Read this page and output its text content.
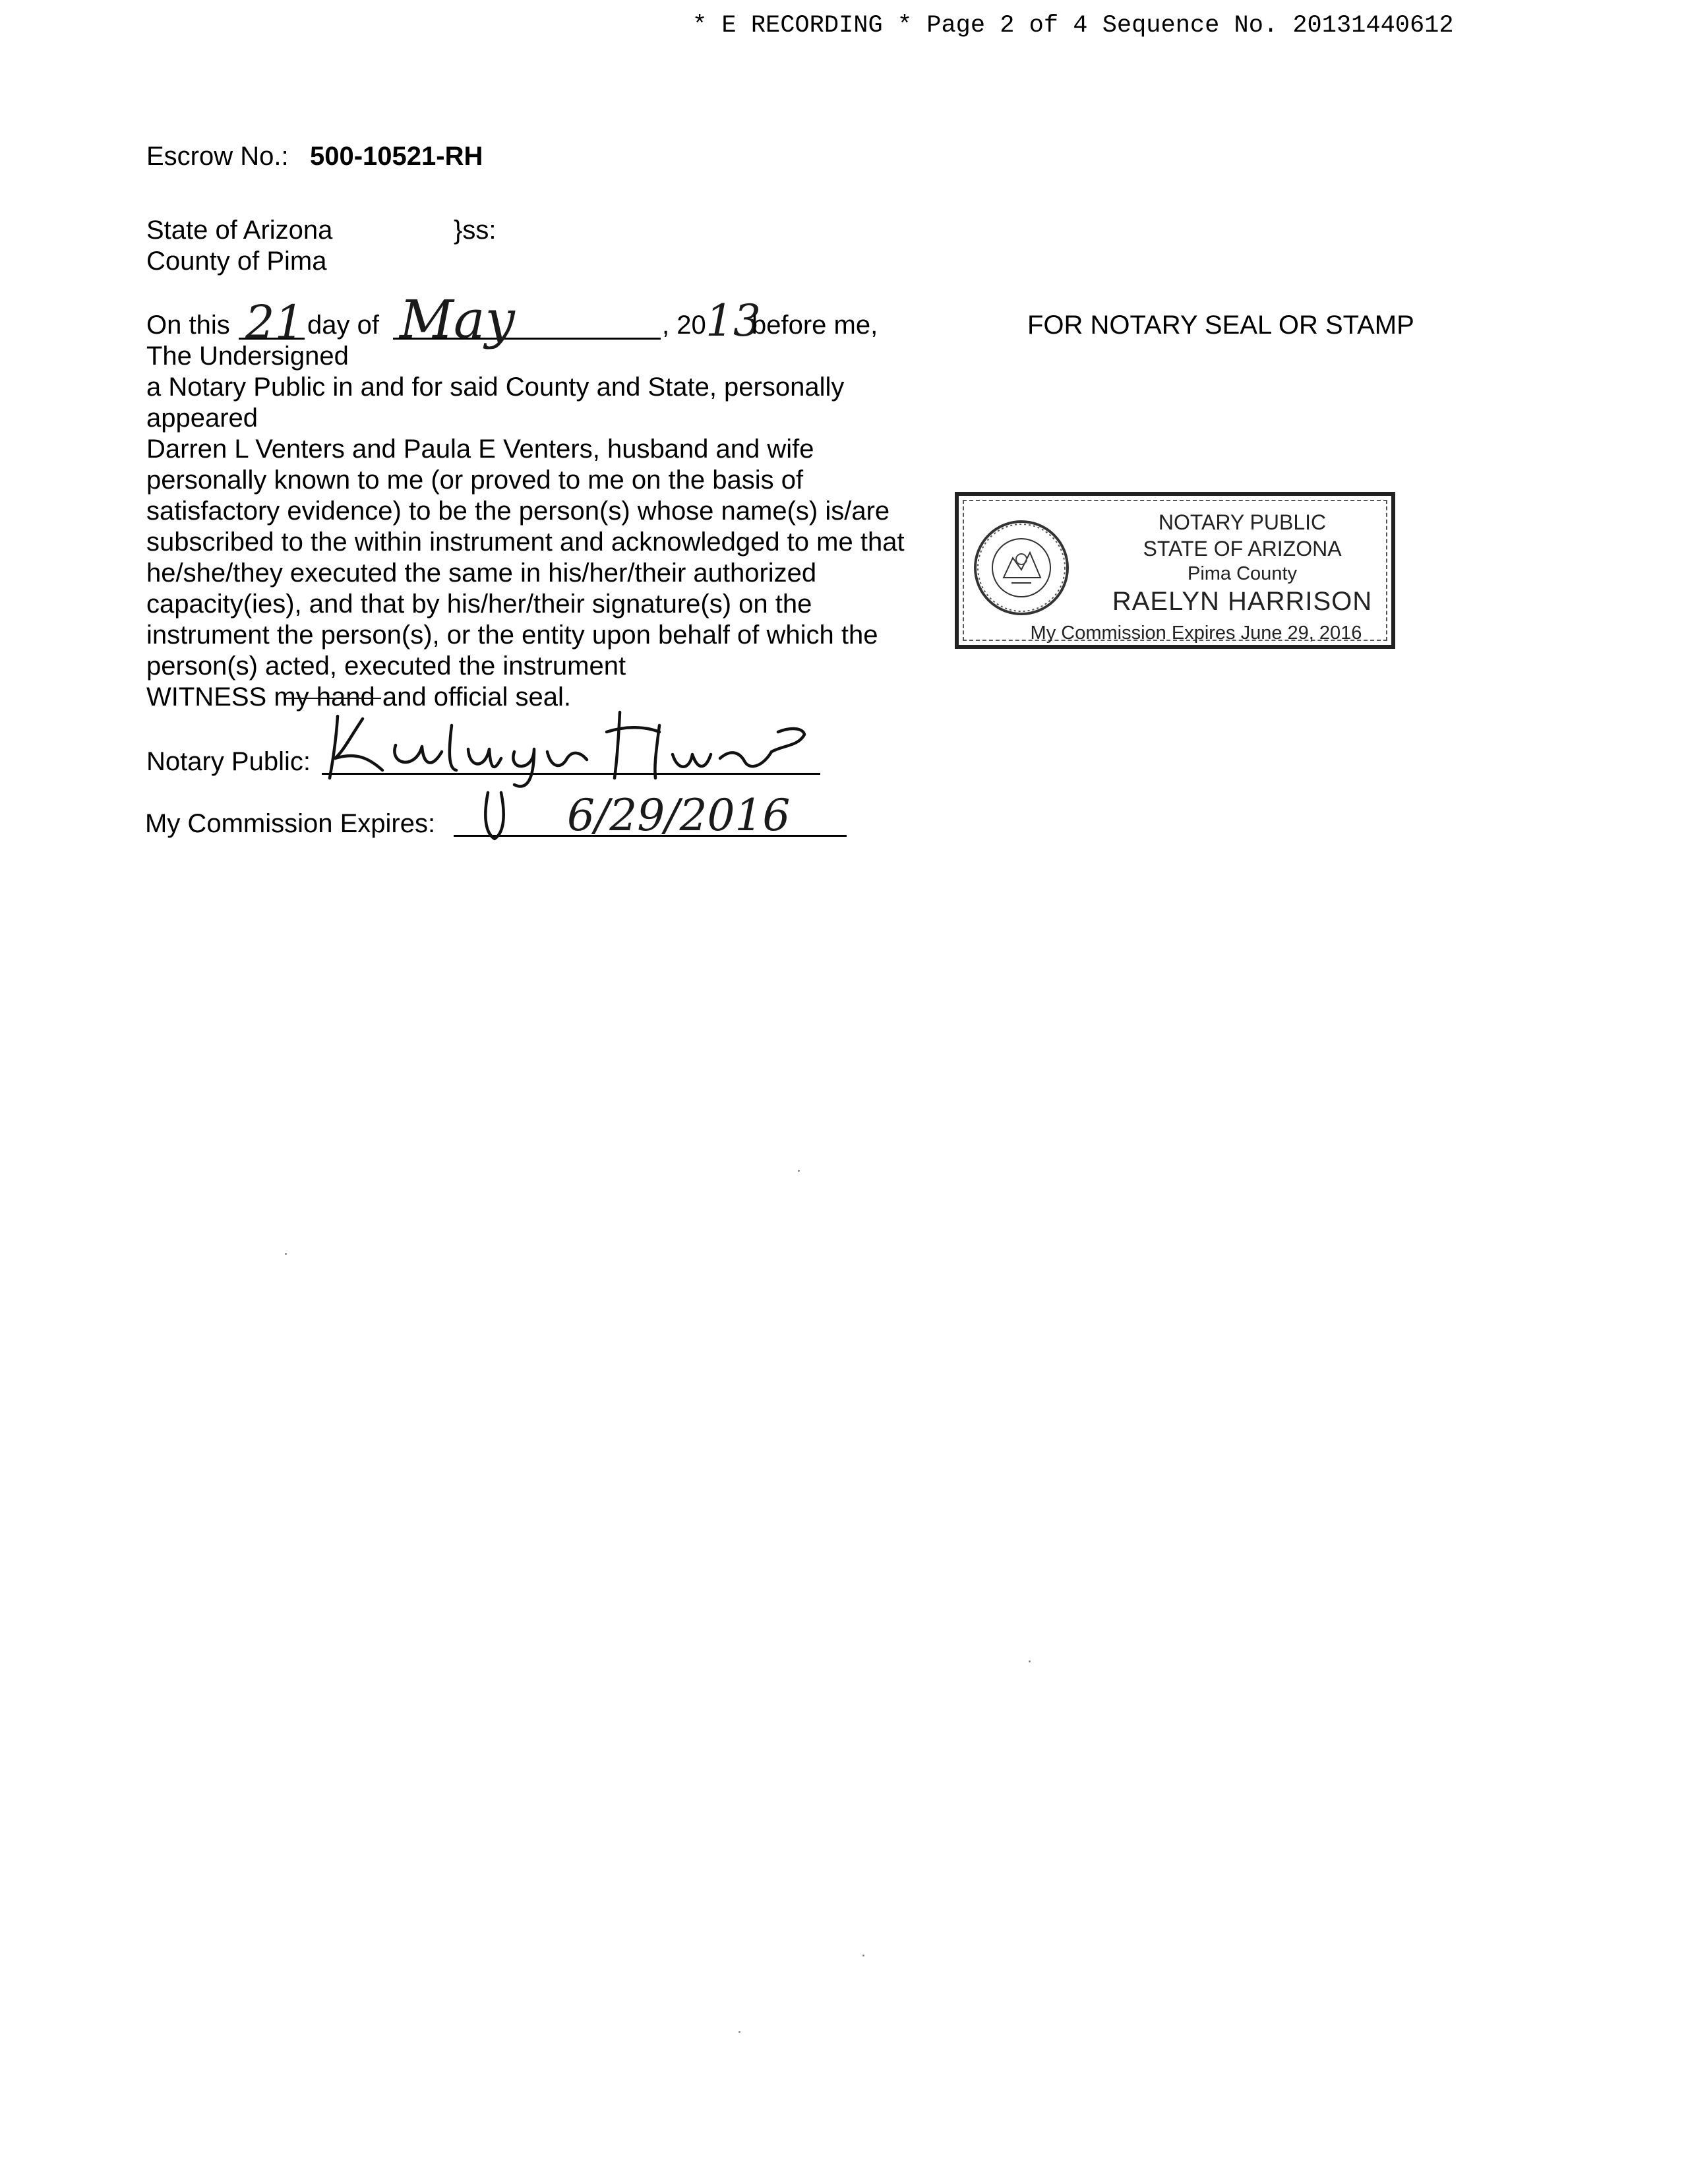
* E RECORDING * Page 2 of 4 Sequence No. 20131440612
Escrow No.: 500-10521-RH
State of Arizona	}ss:
County of Pima
On this 21 day of May	, 20 13
before me,	FOR NOTARY SEAL OR STAMP
The Undersigned
a Notary Public in and for said County and State, personally
appeared
Darren L Venters and Paula E Venters, husband and wife
personally known to me (or proved to me on the basis of
satisfactory evidence) to be the person(s) whose name(s) is/are
subscribed to the within instrument and acknowledged to me that
he/she/they executed the same in his/her/their authorized
capacity(ies), and that by his/her/their signature(s) on the
instrument the person(s), or the entity upon behalf of which the
person(s) acted, executed the instrument
WITNESS my hand and official seal.
Notary Public:
My Commission Expires:	6/29/2016
NOTARY PUBLIC
STATE OF ARIZONA
Pima County
RAELYN HARRISON
My Commission Expires June 29, 2016
